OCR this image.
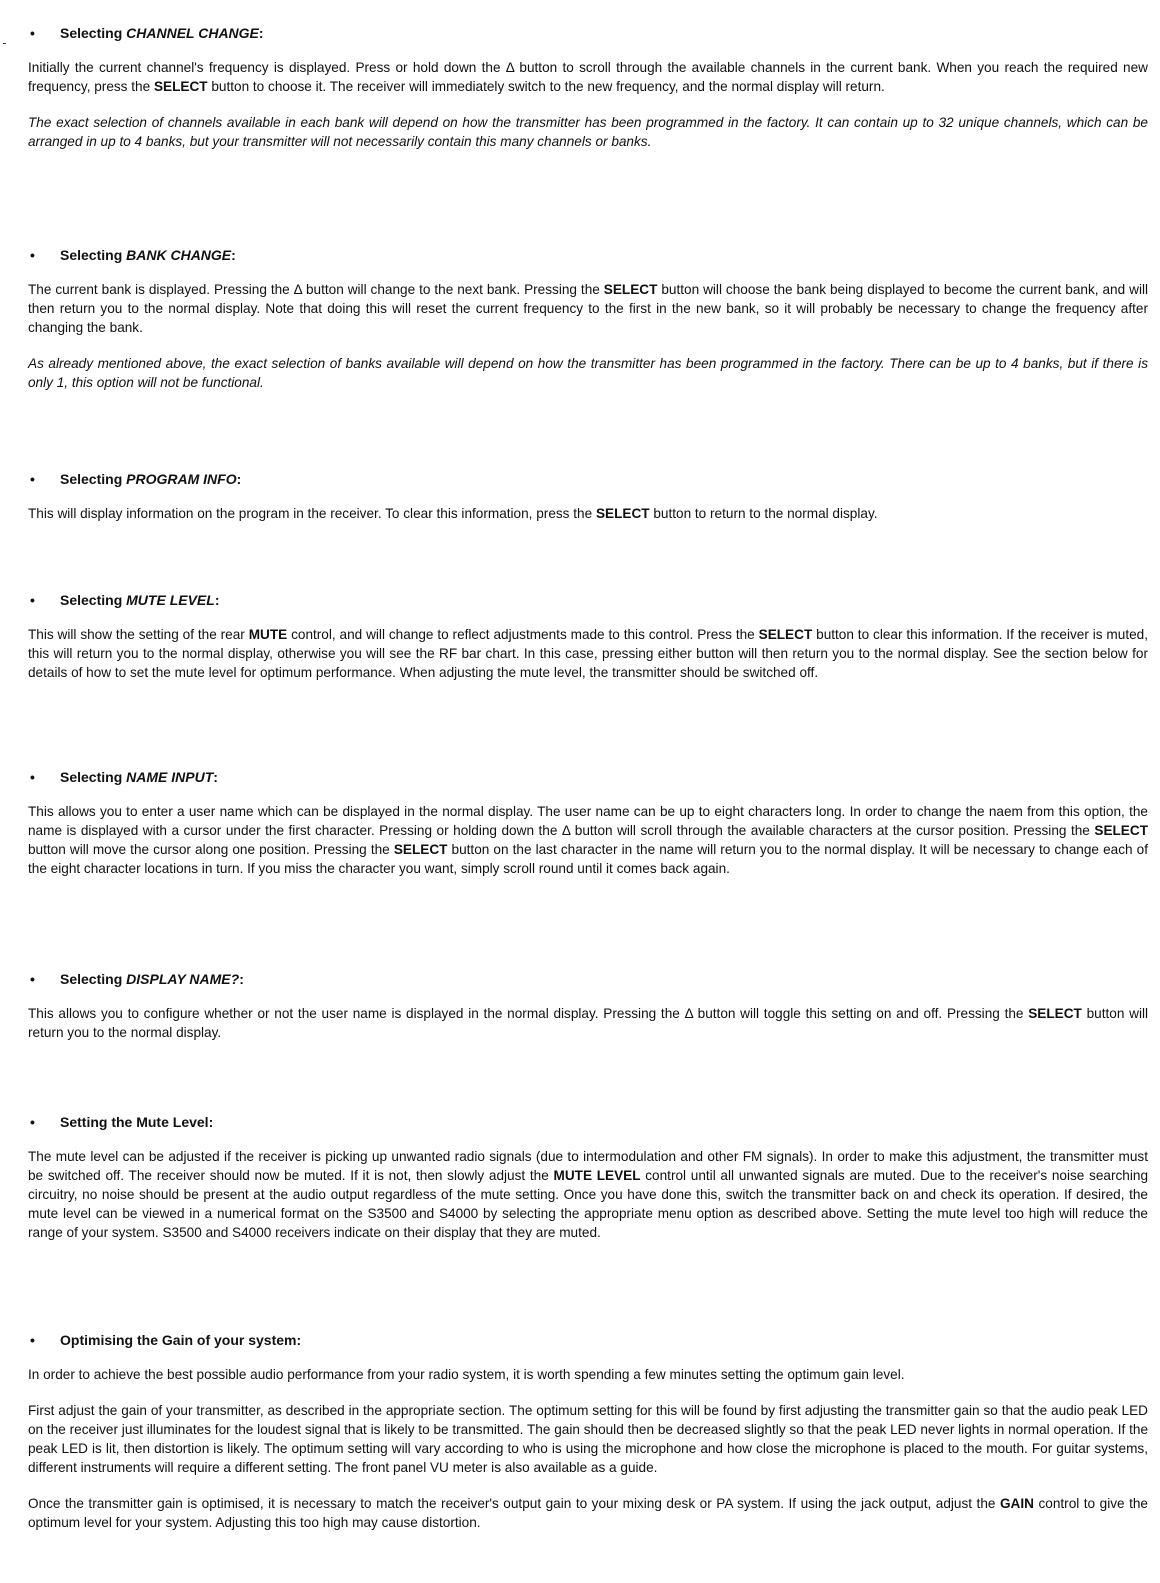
• Selecting CHANNEL CHANGE:

Initially the current channel's frequency is displayed. Press or hold down the Δ button to scroll through the available channels in the current bank. When you reach the required new frequency, press the SELECT button to choose it. The receiver will immediately switch to the new frequency, and the normal display will return.

The exact selection of channels available in each bank will depend on how the transmitter has been programmed in the factory. It can contain up to 32 unique channels, which can be arranged in up to 4 banks, but your transmitter will not necessarily contain this many channels or banks.

• Selecting BANK CHANGE:

The current bank is displayed. Pressing the Δ button will change to the next bank. Pressing the SELECT button will choose the bank being displayed to become the current bank, and will then return you to the normal display. Note that doing this will reset the current frequency to the first in the new bank, so it will probably be necessary to change the frequency after changing the bank.

As already mentioned above, the exact selection of banks available will depend on how the transmitter has been programmed in the factory. There can be up to 4 banks, but if there is only 1, this option will not be functional.

• Selecting PROGRAM INFO:

This will display information on the program in the receiver. To clear this information, press the SELECT button to return to the normal display.

• Selecting MUTE LEVEL:

This will show the setting of the rear MUTE control, and will change to reflect adjustments made to this control. Press the SELECT button to clear this information. If the receiver is muted, this will return you to the normal display, otherwise you will see the RF bar chart. In this case, pressing either button will then return you to the normal display. See the section below for details of how to set the mute level for optimum performance. When adjusting the mute level, the transmitter should be switched off.

• Selecting NAME INPUT:

This allows you to enter a user name which can be displayed in the normal display. The user name can be up to eight characters long. In order to change the naem from this option, the name is displayed with a cursor under the first character. Pressing or holding down the Δ button will scroll through the available characters at the cursor position. Pressing the SELECT button will move the cursor along one position. Pressing the SELECT button on the last character in the name will return you to the normal display. It will be necessary to change each of the eight character locations in turn. If you miss the character you want, simply scroll round until it comes back again.

• Selecting DISPLAY NAME?:

This allows you to configure whether or not the user name is displayed in the normal display. Pressing the Δ button will toggle this setting on and off. Pressing the SELECT button will return you to the normal display.

• Setting the Mute Level:

The mute level can be adjusted if the receiver is picking up unwanted radio signals (due to intermodulation and other FM signals). In order to make this adjustment, the transmitter must be switched off. The receiver should now be muted. If it is not, then slowly adjust the MUTE LEVEL control until all unwanted signals are muted. Due to the receiver's noise searching circuitry, no noise should be present at the audio output regardless of the mute setting. Once you have done this, switch the transmitter back on and check its operation. If desired, the mute level can be viewed in a numerical format on the S3500 and S4000 by selecting the appropriate menu option as described above. Setting the mute level too high will reduce the range of your system. S3500 and S4000 receivers indicate on their display that they are muted.

• Optimising the Gain of your system:

In order to achieve the best possible audio performance from your radio system, it is worth spending a few minutes setting the optimum gain level.

First adjust the gain of your transmitter, as described in the appropriate section. The optimum setting for this will be found by first adjusting the transmitter gain so that the audio peak LED on the receiver just illuminates for the loudest signal that is likely to be transmitted. The gain should then be decreased slightly so that the peak LED never lights in normal operation. If the peak LED is lit, then distortion is likely. The optimum setting will vary according to who is using the microphone and how close the microphone is placed to the mouth. For guitar systems, different instruments will require a different setting. The front panel VU meter is also available as a guide.

Once the transmitter gain is optimised, it is necessary to match the receiver's output gain to your mixing desk or PA system. If using the jack output, adjust the GAIN control to give the optimum level for your system. Adjusting this too high may cause distortion.
